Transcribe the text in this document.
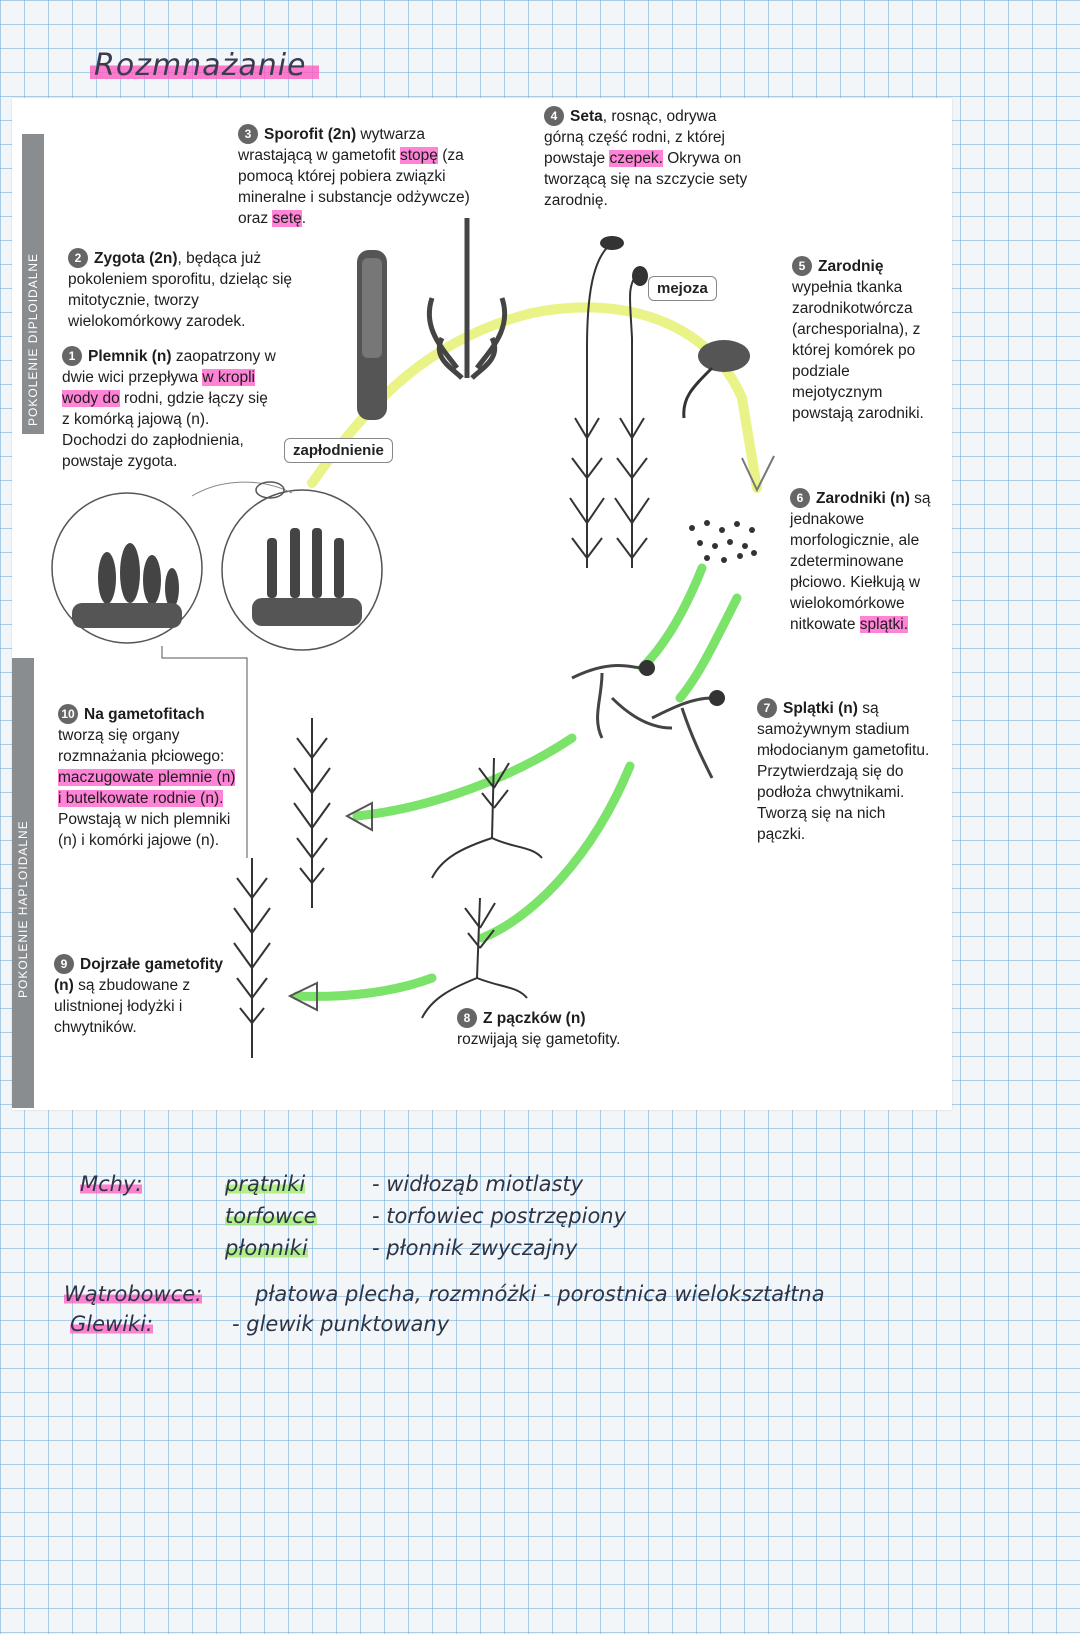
Rozmnażanie
POKOLENIE DIPLOIDALNE
POKOLENIE HAPLOIDALNE
mejoza
zapłodnienie
1 Plemnik (n) zaopatrzony w dwie wici przepływa w kropli wody do rodni, gdzie łączy się z komórką jajową (n). Dochodzi do zapłodnienia, powstaje zygota.
2 Zygota (2n), będąca już pokoleniem sporofitu, dzieląc się mitotycznie, tworzy wielokomórkowy zarodek.
3 Sporofit (2n) wytwarza wrastającą w gametofit stopę (za pomocą której pobiera związki mineralne i substancje odżywcze) oraz setę.
4 Seta, rosnąc, odrywa górną część rodni, z której powstaje czepek. Okrywa on tworzącą się na szczycie sety zarodnię.
5 Zarodnię wypełnia tkanka zarodnikotwórcza (archesporialna), z której komórek po podziale mejotycznym powstają zarodniki.
6 Zarodniki (n) są jednakowe morfologicznie, ale zdeterminowane płciowo. Kiełkują w wielokomórkowe nitkowate splątki.
7 Splątki (n) są samożywnym stadium młodocianym gametofitu. Przytwierdzają się do podłoża chwytnikami. Tworzą się na nich pączki.
8 Z pączków (n) rozwijają się gametofity.
9 Dojrzałe gametofity (n) są zbudowane z ulistnionej łodyżki i chwytników.
10 Na gametofitach tworzą się organy rozmnażania płciowego: maczugowate plemnie (n) i butelkowate rodnie (n). Powstają w nich plemniki (n) i komórki jajowe (n).
Mchy:	prątniki	- widłoząb miotlasty
torfowce	- torfowiec postrzępiony
płonniki	- płonnik zwyczajny
Wątrobowce:	płatowa plecha, rozmnóżki - porostnica wielokształtna
Glewiki:	- glewik punktowany
